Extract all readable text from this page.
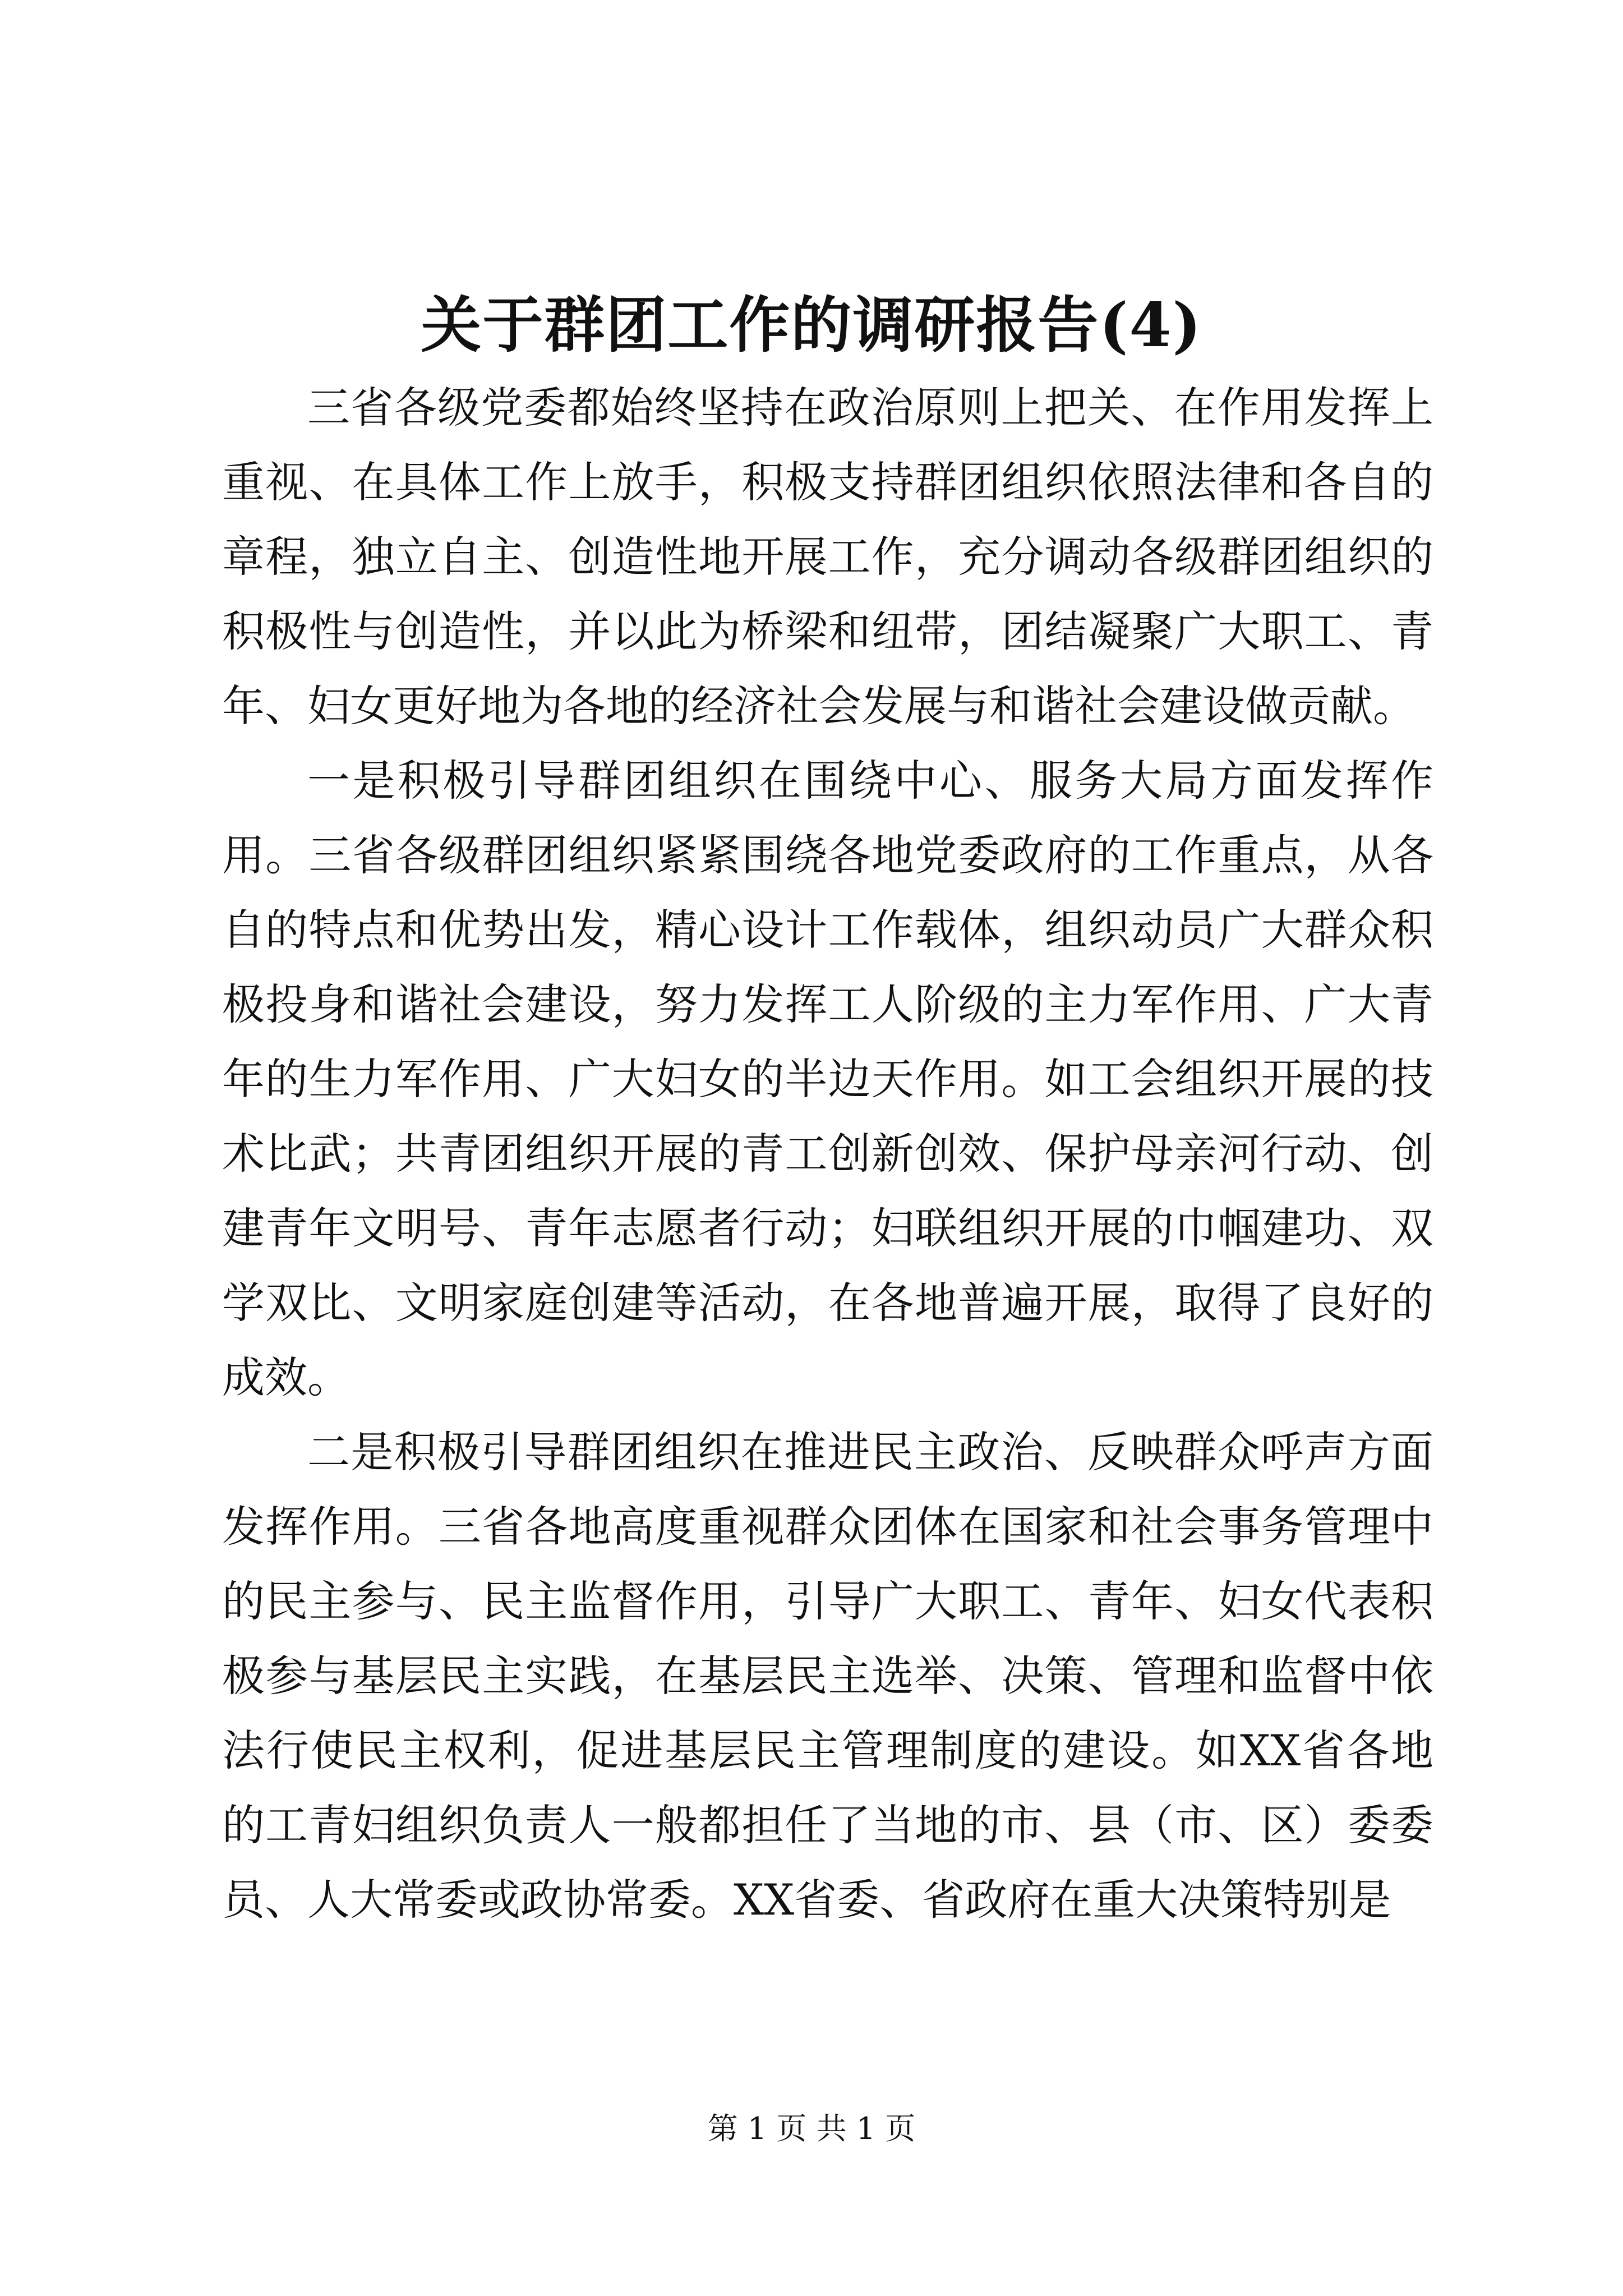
关于群团工作的调研报告(4)

三省各级党委都始终坚持在政治原则上把关、在作用发挥上重视、在具体工作上放手，积极支持群团组织依照法律和各自的章程，独立自主、创造性地开展工作，充分调动各级群团组织的积极性与创造性，并以此为桥梁和纽带，团结凝聚广大职工、青年、妇女更好地为各地的经济社会发展与和谐社会建设做贡献。

一是积极引导群团组织在围绕中心、服务大局方面发挥作用。三省各级群团组织紧紧围绕各地党委政府的工作重点，从各自的特点和优势出发，精心设计工作载体，组织动员广大群众积极投身和谐社会建设，努力发挥工人阶级的主力军作用、广大青年的生力军作用、广大妇女的半边天作用。如工会组织开展的技术比武；共青团组织开展的青工创新创效、保护母亲河行动、创建青年文明号、青年志愿者行动；妇联组织开展的巾帼建功、双学双比、文明家庭创建等活动，在各地普遍开展，取得了良好的成效。

二是积极引导群团组织在推进民主政治、反映群众呼声方面发挥作用。三省各地高度重视群众团体在国家和社会事务管理中的民主参与、民主监督作用，引导广大职工、青年、妇女代表积极参与基层民主实践，在基层民主选举、决策、管理和监督中依法行使民主权利，促进基层民主管理制度的建设。如XX省各地的工青妇组织负责人一般都担任了当地的市、县（市、区）委委员、人大常委或政协常委。XX省委、省政府在重大决策特别是

第 1 页 共 1 页
